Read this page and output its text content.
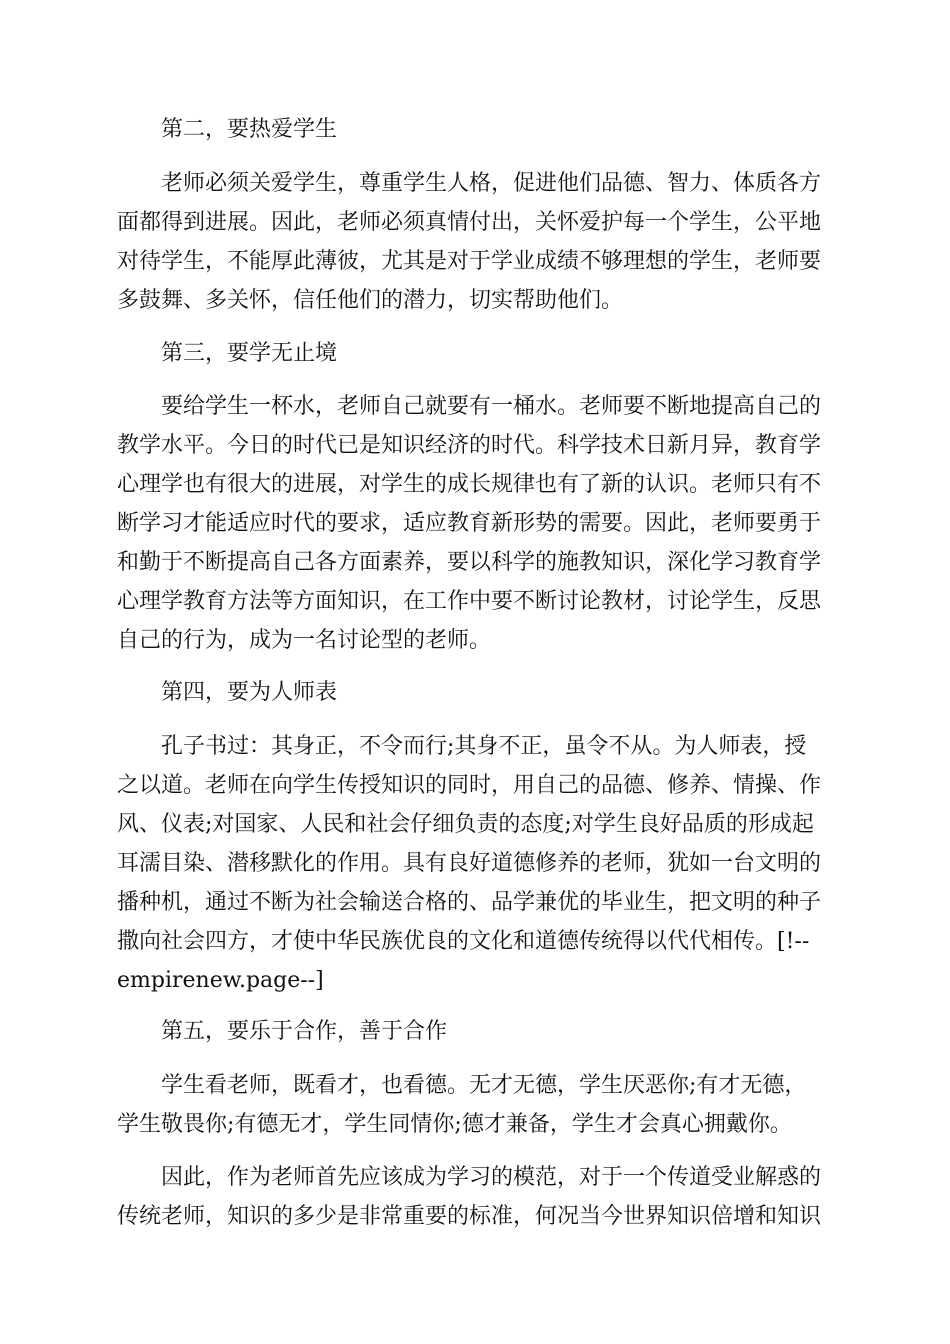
第二，要热爱学生
老师必须关爱学生，尊重学生人格，促进他们品德、智力、体质各方
面都得到进展。因此，老师必须真情付出，关怀爱护每一个学生，公平地
对待学生，不能厚此薄彼，尤其是对于学业成绩不够理想的学生，老师要
多鼓舞、多关怀，信任他们的潜力，切实帮助他们。
第三，要学无止境
要给学生一杯水，老师自己就要有一桶水。老师要不断地提高自己的
教学水平。今日的时代已是知识经济的时代。科学技术日新月异，教育学
心理学也有很大的进展，对学生的成长规律也有了新的认识。老师只有不
断学习才能适应时代的要求，适应教育新形势的需要。因此，老师要勇于
和勤于不断提高自己各方面素养，要以科学的施教知识，深化学习教育学
心理学教育方法等方面知识，在工作中要不断讨论教材，讨论学生，反思
自己的行为，成为一名讨论型的老师。
第四，要为人师表
孔子书过：其身正，不令而行;其身不正，虽令不从。为人师表，授
之以道。老师在向学生传授知识的同时，用自己的品德、修养、情操、作
风、仪表;对国家、人民和社会仔细负责的态度;对学生良好品质的形成起
耳濡目染、潜移默化的作用。具有良好道德修养的老师，犹如一台文明的
播种机，通过不断为社会输送合格的、品学兼优的毕业生，把文明的种子
撒向社会四方，才使中华民族优良的文化和道德传统得以代代相传。[!--
empirenew.page--]
第五，要乐于合作，善于合作
学生看老师，既看才，也看德。无才无德，学生厌恶你;有才无德，
学生敬畏你;有德无才，学生同情你;德才兼备，学生才会真心拥戴你。
因此，作为老师首先应该成为学习的模范，对于一个传道受业解惑的
传统老师，知识的多少是非常重要的标准，何况当今世界知识倍增和知识
